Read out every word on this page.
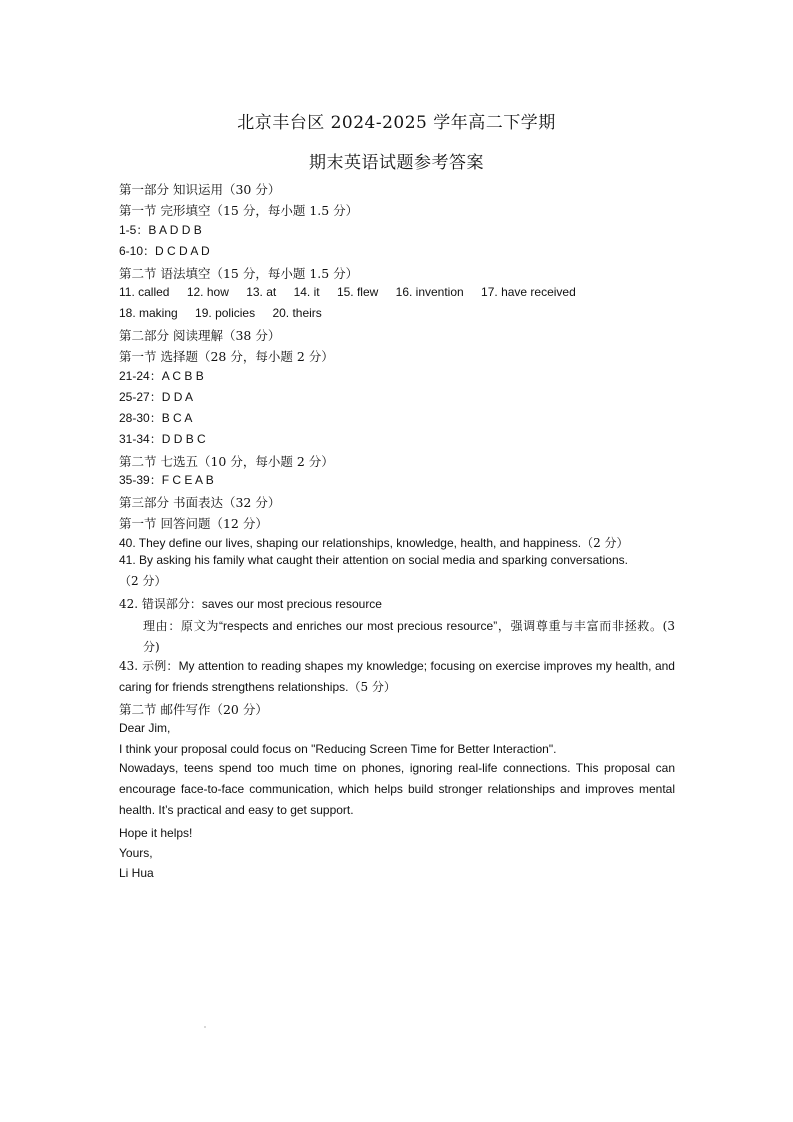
北京丰台区 2024-2025 学年高二下学期
期末英语试题参考答案
第一部分 知识运用（30 分）
第一节 完形填空（15 分，每小题 1.5 分）
1-5：B A D D B
6-10：D C D A D
第二节 语法填空（15 分，每小题 1.5 分）
11. called 12. how 13. at 14. it 15. flew 16. invention 17. have received
18. making 19. policies 20. theirs
第二部分 阅读理解（38 分）
第一节 选择题（28 分，每小题 2 分）
21-24：A C B B
25-27：D D A
28-30：B C A
31-34：D D B C
第二节 七选五（10 分，每小题 2 分）
35-39：F C E A B
第三部分 书面表达（32 分）
第一节 回答问题（12 分）
40. They define our lives, shaping our relationships, knowledge, health, and happiness.（2 分）
41. By asking his family what caught their attention on social media and sparking conversations.
（2 分）
42. 错误部分：saves our most precious resource
理由：原文为“respects and enriches our most precious resource”，强调尊重与丰富而非拯救。(3 分)
43. 示例：My attention to reading shapes my knowledge; focusing on exercise improves my health, and caring for friends strengthens relationships.（5 分）
第二节 邮件写作（20 分）
Dear Jim,
I think your proposal could focus on "Reducing Screen Time for Better Interaction".
Nowadays, teens spend too much time on phones, ignoring real-life connections. This proposal can encourage face-to-face communication, which helps build stronger relationships and improves mental health. It’s practical and easy to get support.
Hope it helps!
Yours,
Li Hua
